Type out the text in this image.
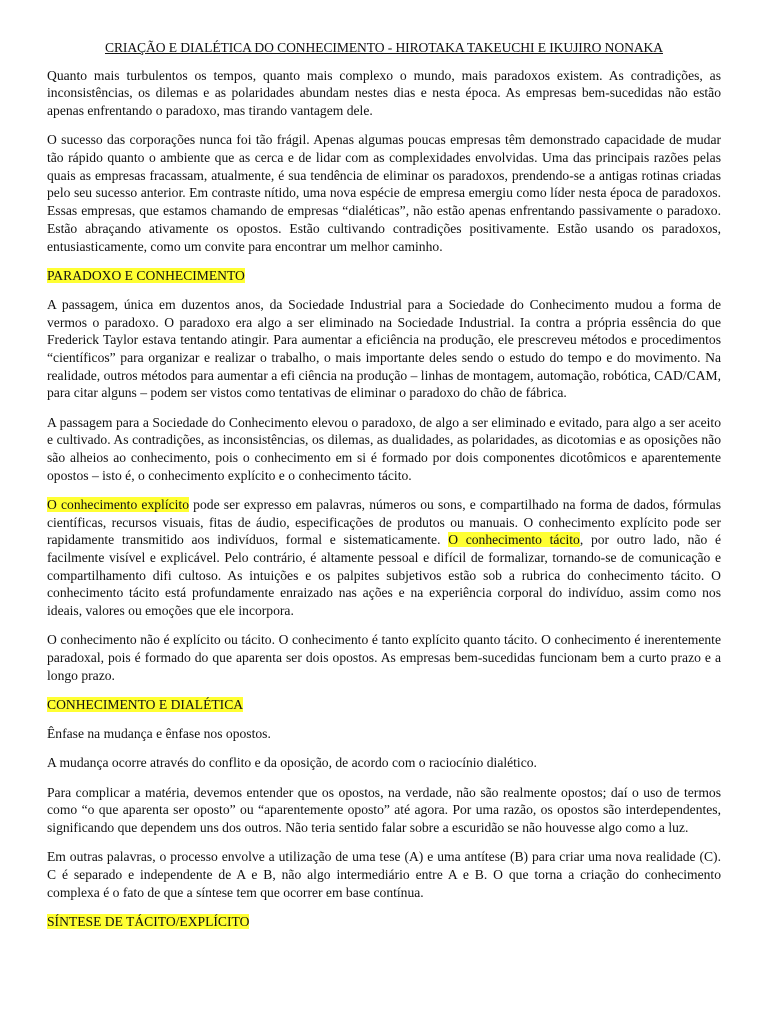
CRIAÇÃO E DIALÉTICA DO CONHECIMENTO - HIROTAKA TAKEUCHI E IKUJIRO NONAKA

Quanto mais turbulentos os tempos, quanto mais complexo o mundo, mais paradoxos existem. As contradições, as inconsistências, os dilemas e as polaridades abundam nestes dias e nesta época. As empresas bem-sucedidas não estão apenas enfrentando o paradoxo, mas tirando vantagem dele.

O sucesso das corporações nunca foi tão frágil. Apenas algumas poucas empresas têm demonstrado capacidade de mudar tão rápido quanto o ambiente que as cerca e de lidar com as complexidades envolvidas. Uma das principais razões pelas quais as empresas fracassam, atualmente, é sua tendência de eliminar os paradoxos, prendendo-se a antigas rotinas criadas pelo seu sucesso anterior. Em contraste nítido, uma nova espécie de empresa emergiu como líder nesta época de paradoxos. Essas empresas, que estamos chamando de empresas “dialéticas”, não estão apenas enfrentando passivamente o paradoxo. Estão abraçando ativamente os opostos. Estão cultivando contradições positivamente. Estão usando os paradoxos, entusiasticamente, como um convite para encontrar um melhor caminho.

PARADOXO E CONHECIMENTO

A passagem, única em duzentos anos, da Sociedade Industrial para a Sociedade do Conhecimento mudou a forma de vermos o paradoxo. O paradoxo era algo a ser eliminado na Sociedade Industrial. Ia contra a própria essência do que Frederick Taylor estava tentando atingir. Para aumentar a eficiência na produção, ele prescreveu métodos e procedimentos “científicos” para organizar e realizar o trabalho, o mais importante deles sendo o estudo do tempo e do movimento. Na realidade, outros métodos para aumentar a efi ciência na produção – linhas de montagem, automação, robótica, CAD/CAM, para citar alguns – podem ser vistos como tentativas de eliminar o paradoxo do chão de fábrica.

A passagem para a Sociedade do Conhecimento elevou o paradoxo, de algo a ser eliminado e evitado, para algo a ser aceito e cultivado. As contradições, as inconsistências, os dilemas, as dualidades, as polaridades, as dicotomias e as oposições não são alheios ao conhecimento, pois o conhecimento em si é formado por dois componentes dicotômicos e aparentemente opostos – isto é, o conhecimento explícito e o conhecimento tácito.

O conhecimento explícito pode ser expresso em palavras, números ou sons, e compartilhado na forma de dados, fórmulas científicas, recursos visuais, fitas de áudio, especificações de produtos ou manuais. O conhecimento explícito pode ser rapidamente transmitido aos indivíduos, formal e sistematicamente. O conhecimento tácito, por outro lado, não é facilmente visível e explicável. Pelo contrário, é altamente pessoal e difícil de formalizar, tornando-se de comunicação e compartilhamento difi cultoso. As intuições e os palpites subjetivos estão sob a rubrica do conhecimento tácito. O conhecimento tácito está profundamente enraizado nas ações e na experiência corporal do indivíduo, assim como nos ideais, valores ou emoções que ele incorpora.

O conhecimento não é explícito ou tácito. O conhecimento é tanto explícito quanto tácito. O conhecimento é inerentemente paradoxal, pois é formado do que aparenta ser dois opostos. As empresas bem-sucedidas funcionam bem a curto prazo e a longo prazo.

CONHECIMENTO E DIALÉTICA

Ênfase na mudança e ênfase nos opostos.

A mudança ocorre através do conflito e da oposição, de acordo com o raciocínio dialético.

Para complicar a matéria, devemos entender que os opostos, na verdade, não são realmente opostos; daí o uso de termos como “o que aparenta ser oposto” ou “aparentemente oposto” até agora. Por uma razão, os opostos são interdependentes, significando que dependem uns dos outros. Não teria sentido falar sobre a escuridão se não houvesse algo como a luz.

Em outras palavras, o processo envolve a utilização de uma tese (A) e uma antítese (B) para criar uma nova realidade (C). C é separado e independente de A e B, não algo intermediário entre A e B. O que torna a criação do conhecimento complexa é o fato de que a síntese tem que ocorrer em base contínua.

SÍNTESE DE TÁCITO/EXPLÍCITO
